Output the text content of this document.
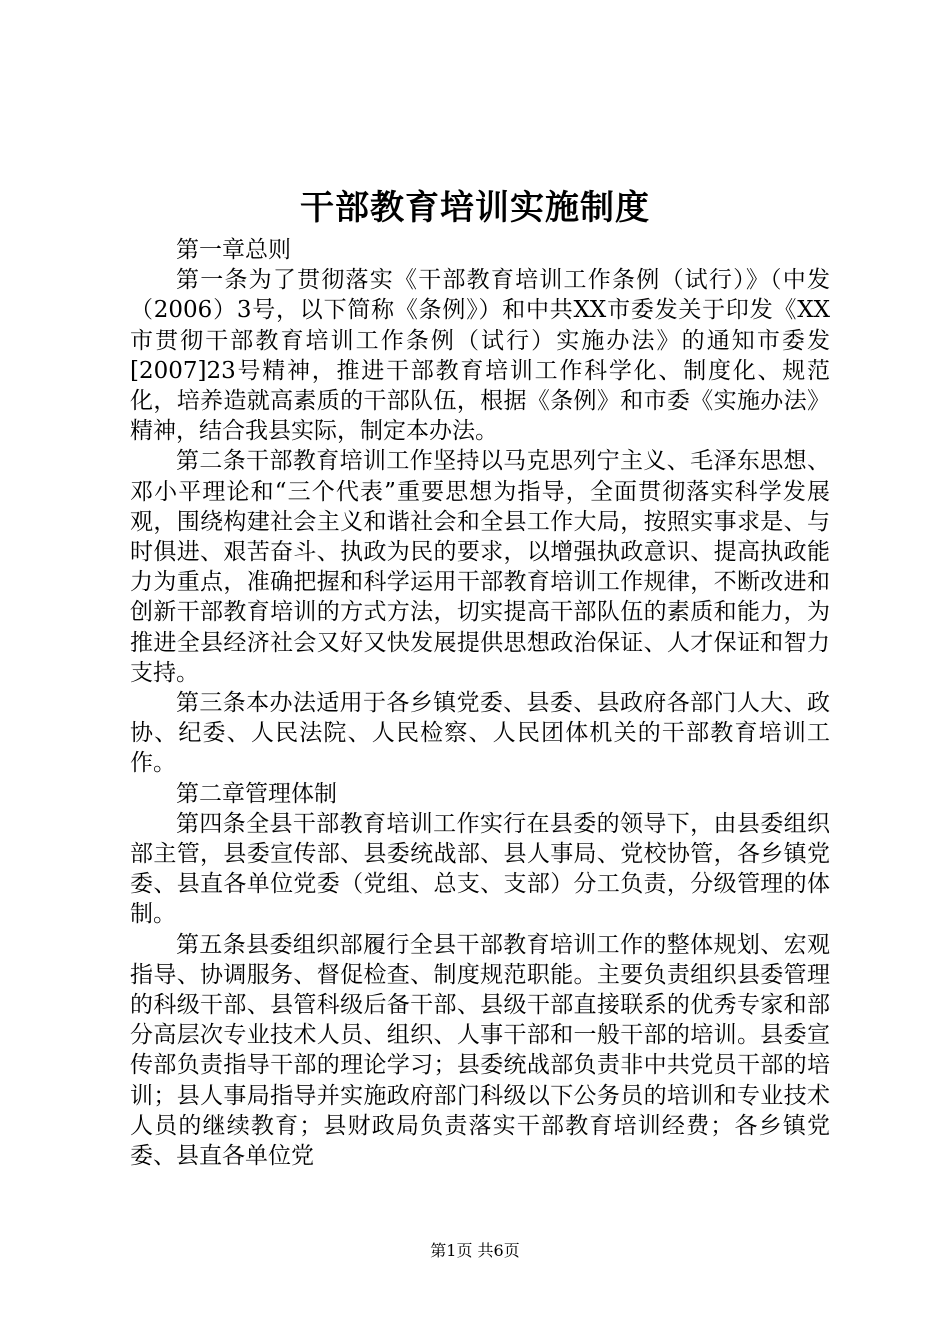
干部教育培训实施制度

第一章总则

第一条为了贯彻落实《干部教育培训工作条例（试行）》（中发（2006）3号，以下简称《条例》）和中共XX市委发关于印发《XX市贯彻干部教育培训工作条例（试行）实施办法》的通知市委发[2007]23号精神，推进干部教育培训工作科学化、制度化、规范化，培养造就高素质的干部队伍，根据《条例》和市委《实施办法》精神，结合我县实际，制定本办法。

第二条干部教育培训工作坚持以马克思列宁主义、毛泽东思想、邓小平理论和“三个代表”重要思想为指导，全面贯彻落实科学发展观，围绕构建社会主义和谐社会和全县工作大局，按照实事求是、与时俱进、艰苦奋斗、执政为民的要求，以增强执政意识、提高执政能力为重点，准确把握和科学运用干部教育培训工作规律，不断改进和创新干部教育培训的方式方法，切实提高干部队伍的素质和能力，为推进全县经济社会又好又快发展提供思想政治保证、人才保证和智力支持。

第三条本办法适用于各乡镇党委、县委、县政府各部门人大、政协、纪委、人民法院、人民检察、人民团体机关的干部教育培训工作。

第二章管理体制

第四条全县干部教育培训工作实行在县委的领导下，由县委组织部主管，县委宣传部、县委统战部、县人事局、党校协管，各乡镇党委、县直各单位党委（党组、总支、支部）分工负责，分级管理的体制。

第五条县委组织部履行全县干部教育培训工作的整体规划、宏观指导、协调服务、督促检查、制度规范职能。主要负责组织县委管理的科级干部、县管科级后备干部、县级干部直接联系的优秀专家和部分高层次专业技术人员、组织、人事干部和一般干部的培训。县委宣传部负责指导干部的理论学习；县委统战部负责非中共党员干部的培训；县人事局指导并实施政府部门科级以下公务员的培训和专业技术人员的继续教育；县财政局负责落实干部教育培训经费；各乡镇党委、县直各单位党

第1页 共6页
